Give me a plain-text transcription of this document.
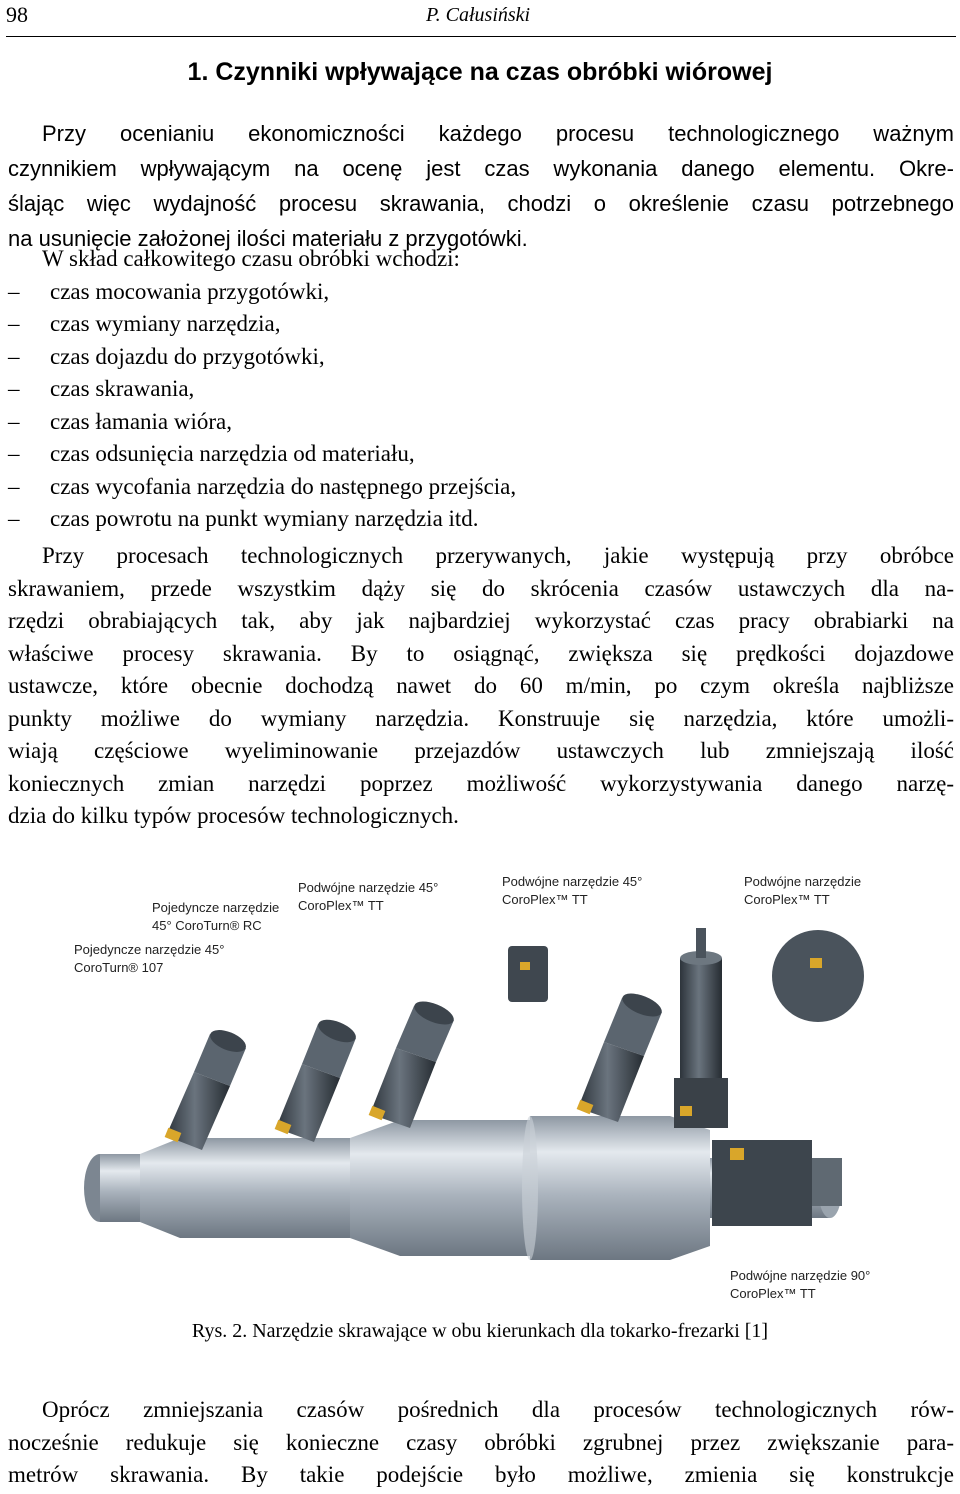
98	P. Całusiński
1. Czynniki wpływające na czas obróbki wiórowej
Przy ocenianiu ekonomiczności każdego procesu technologicznego ważnym
czynnikiem wpływającym na ocenę jest czas wykonania danego elementu. Okre-
ślając więc wydajność procesu skrawania, chodzi o określenie czasu potrzebnego
na usunięcie założonej ilości materiału z przygotówki.
W skład całkowitego czasu obróbki wchodzi:
– czas mocowania przygotówki,
– czas wymiany narzędzia,
– czas dojazdu do przygotówki,
– czas skrawania,
– czas łamania wióra,
– czas odsunięcia narzędzia od materiału,
– czas wycofania narzędzia do następnego przejścia,
– czas powrotu na punkt wymiany narzędzia itd.
Przy procesach technologicznych przerywanych, jakie występują przy obróbce
skrawaniem, przede wszystkim dąży się do skrócenia czasów ustawczych dla na-
rzędzi obrabiających tak, aby jak najbardziej wykorzystać czas pracy obrabiarki na
właściwe procesy skrawania. By to osiągnąć, zwiększa się prędkości dojazdowe
ustawcze, które obecnie dochodzą nawet do 60 m/min, po czym określa najbliższe
punkty możliwe do wymiany narzędzia. Konstruuje się narzędzia, które umożli-
wiają częściowe wyeliminowanie przejazdów ustawczych lub zmniejszają ilość
koniecznych zmian narzędzi poprzez możliwość wykorzystywania danego narzę-
dzia do kilku typów procesów technologicznych.
Pojedyncze narzędzie 45°
CoroTurn® 107
Pojedyncze narzędzie
45° CoroTurn® RC
Podwójne narzędzie 45°
CoroPlex™ TT
Podwójne narzędzie 45°
CoroPlex™ TT
Podwójne narzędzie
CoroPlex™ TT
Podwójne narzędzie 90°
CoroPlex™ TT
Rys. 2. Narzędzie skrawające w obu kierunkach dla tokarko-frezarki [1]
Oprócz zmniejszania czasów pośrednich dla procesów technologicznych rów-
nocześnie redukuje się konieczne czasy obróbki zgrubnej przez zwiększanie para-
metrów skrawania. By takie podejście było możliwe, zmienia się konstrukcje
